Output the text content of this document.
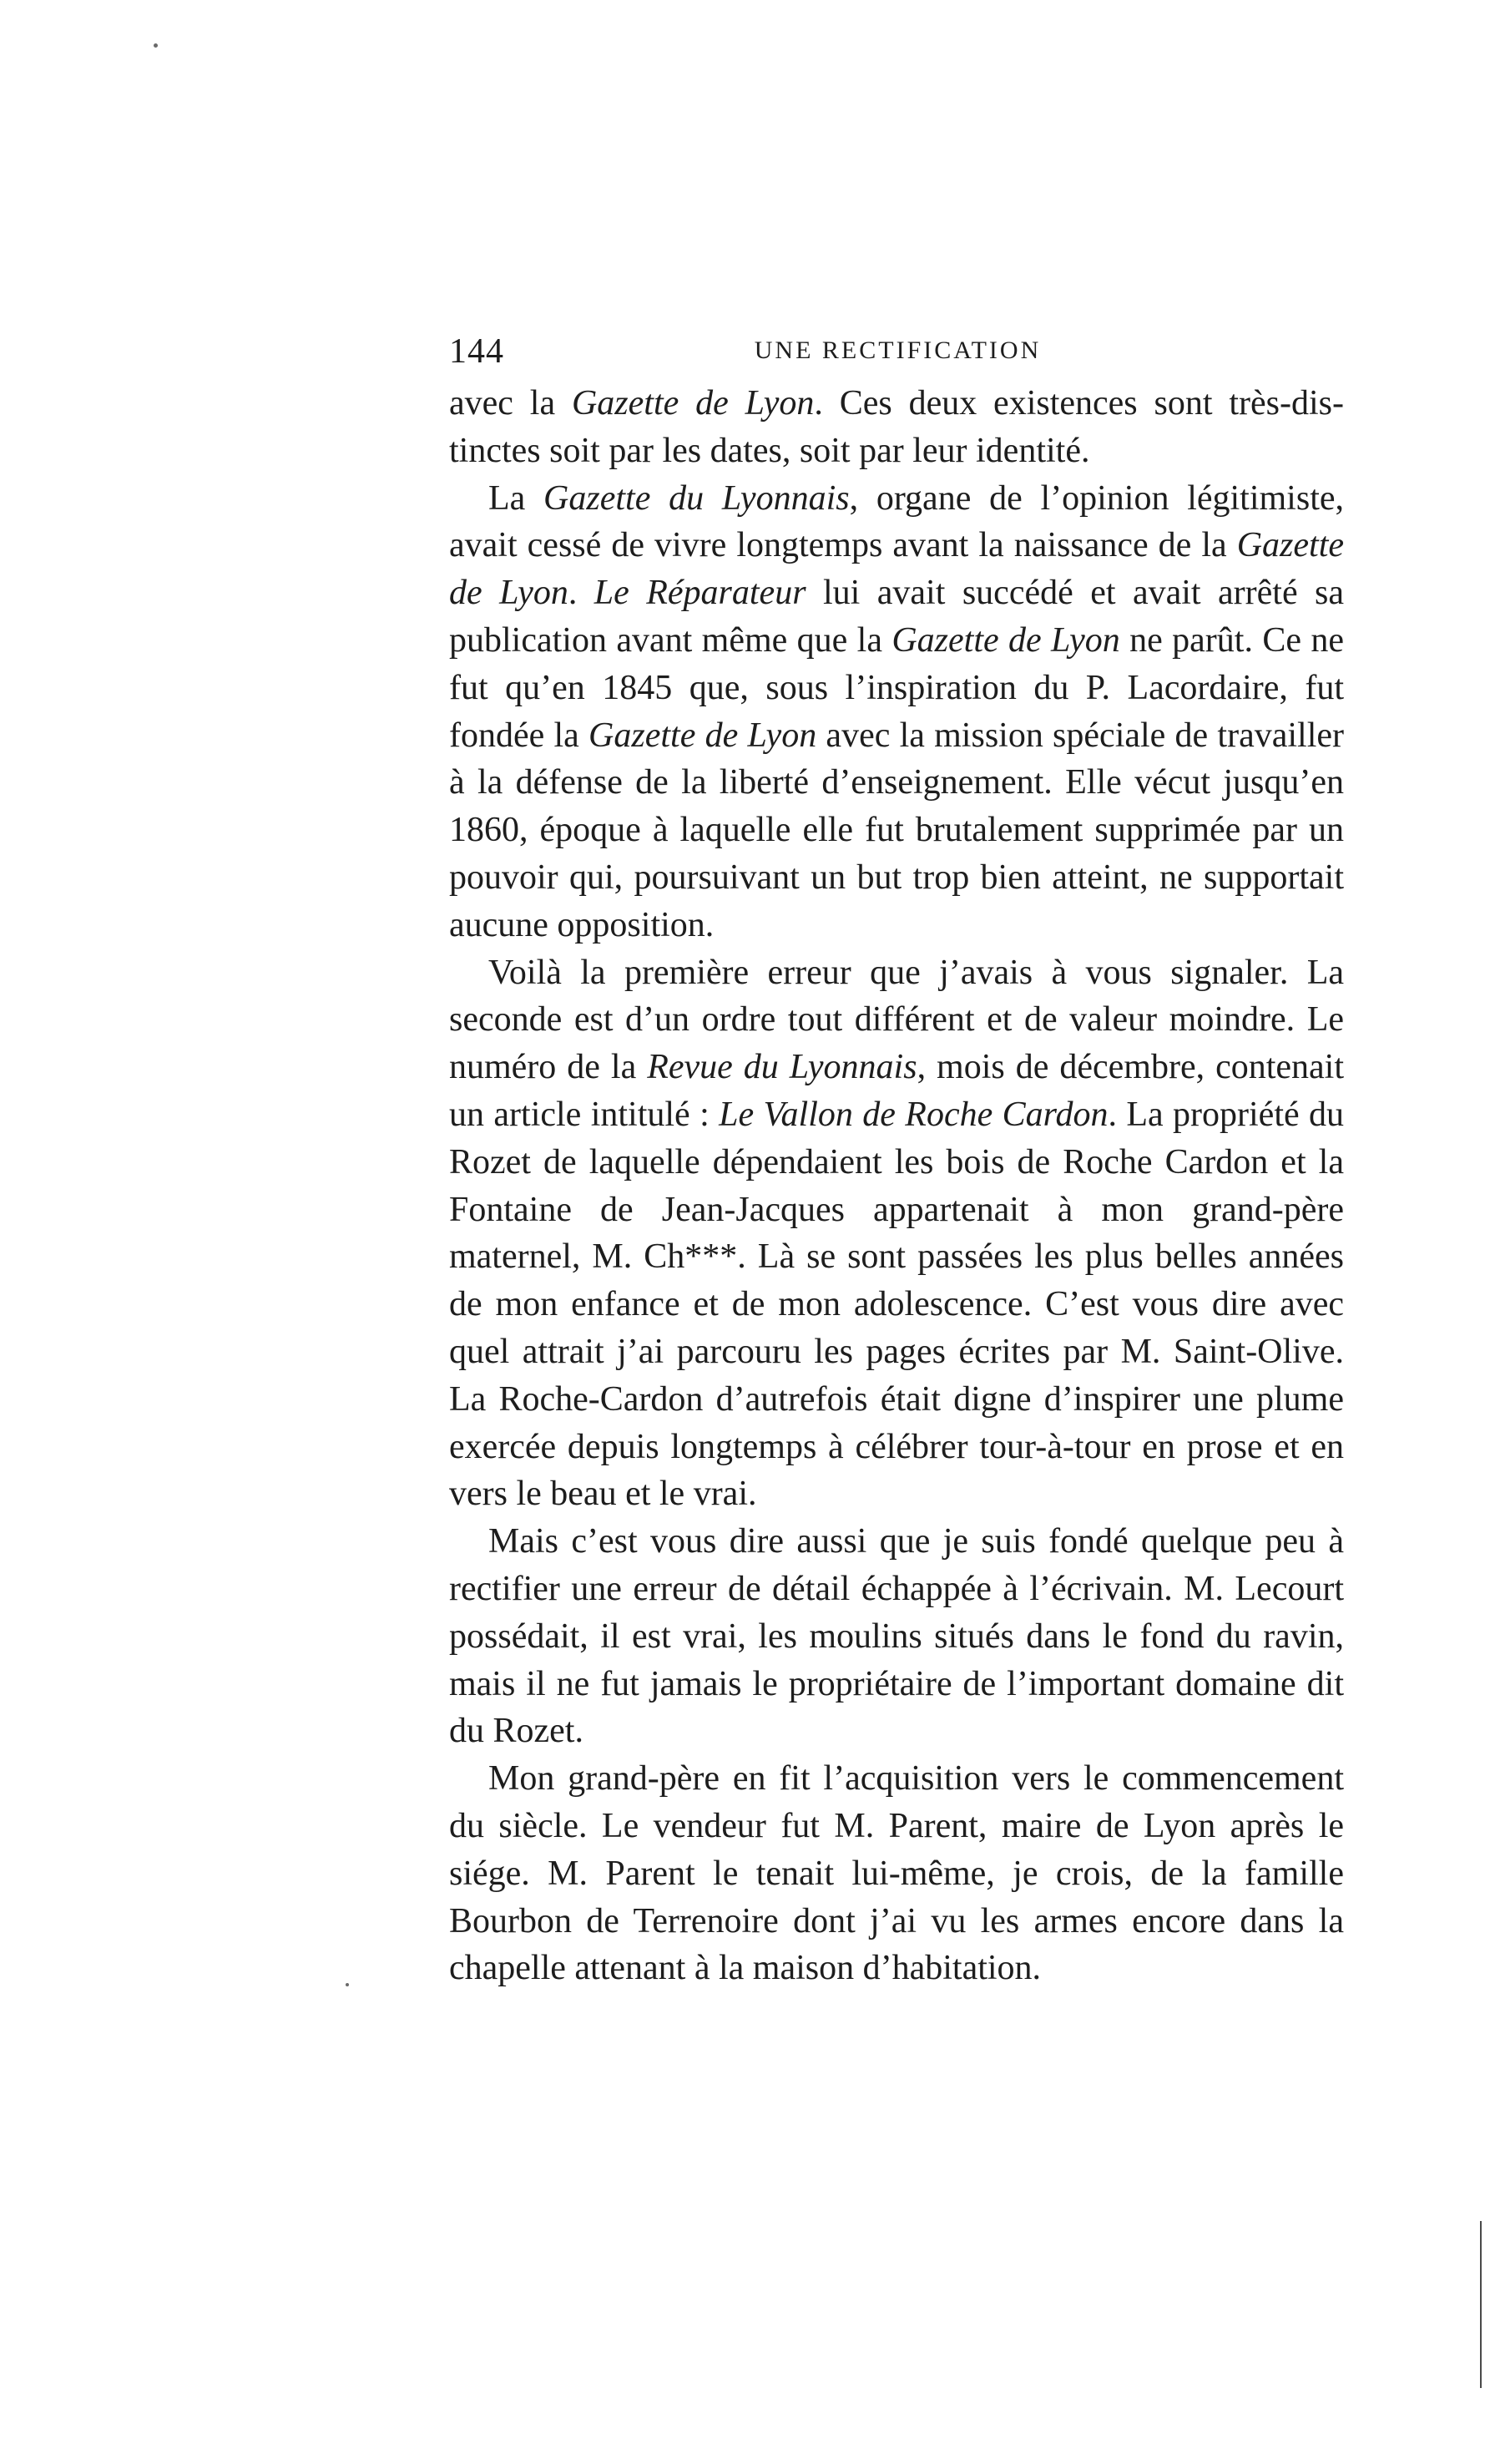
144	UNE RECTIFICATION

avec la Gazette de Lyon. Ces deux existences sont très-distinctes soit par les dates, soit par leur identité.

La Gazette du Lyonnais, organe de l’opinion légitimiste, avait cessé de vivre longtemps avant la naissance de la Gazette de Lyon. Le Réparateur lui avait succédé et avait arrêté sa publication avant même que la Gazette de Lyon ne parût. Ce ne fut qu’en 1845 que, sous l’inspiration du P. Lacordaire, fut fondée la Gazette de Lyon avec la mission spéciale de travailler à la défense de la liberté d’enseignement. Elle vécut jusqu’en 1860, époque à laquelle elle fut brutalement supprimée par un pouvoir qui, poursuivant un but trop bien atteint, ne supportait aucune opposition.

Voilà la première erreur que j’avais à vous signaler. La seconde est d’un ordre tout différent et de valeur moindre. Le numéro de la Revue du Lyonnais, mois de décembre, contenait un article intitulé : Le Vallon de Roche Cardon. La propriété du Rozet de laquelle dépendaient les bois de Roche Cardon et la Fontaine de Jean-Jacques appartenait à mon grand-père maternel, M. Ch***. Là se sont passées les plus belles années de mon enfance et de mon adolescence. C’est vous dire avec quel attrait j’ai parcouru les pages écrites par M. Saint-Olive. La Roche-Cardon d’autrefois était digne d’inspirer une plume exercée depuis longtemps à célébrer tour-à-tour en prose et en vers le beau et le vrai.

Mais c’est vous dire aussi que je suis fondé quelque peu à rectifier une erreur de détail échappée à l’écrivain. M. Lecourt possédait, il est vrai, les moulins situés dans le fond du ravin, mais il ne fut jamais le propriétaire de l’important domaine dit du Rozet.

Mon grand-père en fit l’acquisition vers le commencement du siècle. Le vendeur fut M. Parent, maire de Lyon après le siége. M. Parent le tenait lui-même, je crois, de la famille Bourbon de Terrenoire dont j’ai vu les armes encore dans la chapelle attenant à la maison d’habitation.
